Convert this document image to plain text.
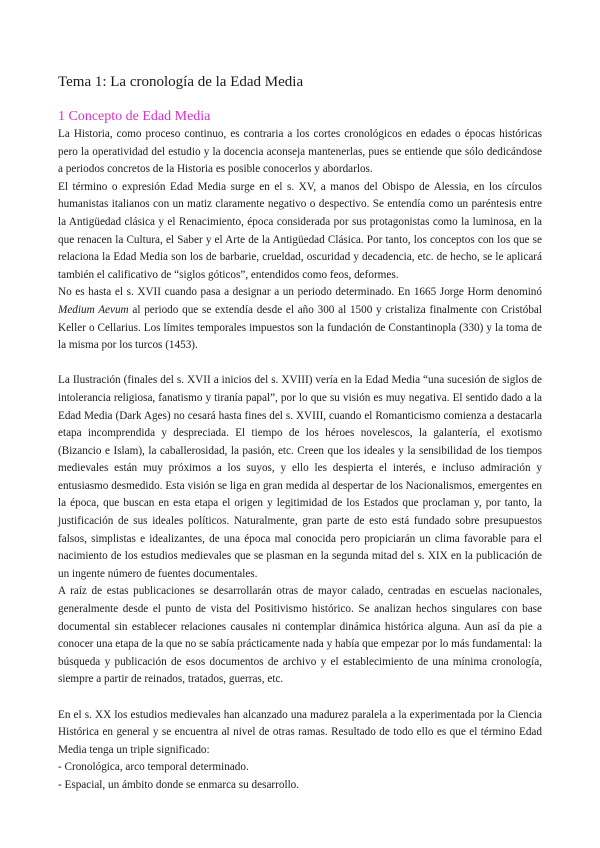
Tema 1: La cronología de la Edad Media
1 Concepto de Edad Media

La Historia, como proceso continuo, es contraria a los cortes cronológicos en edades o épocas históricas pero la operatividad del estudio y la docencia aconseja mantenerlas, pues se entiende que sólo dedicándose a periodos concretos de la Historia es posible conocerlos y abordarlos.

El término o expresión Edad Media surge en el s. XV, a manos del Obispo de Alessia, en los círculos humanistas italianos con un matiz claramente negativo o despectivo. Se entendía como un paréntesis entre la Antigüedad clásica y el Renacimiento, época considerada por sus protagonistas como la luminosa, en la que renacen la Cultura, el Saber y el Arte de la Antigüedad Clásica. Por tanto, los conceptos con los que se relaciona la Edad Media son los de barbarie, crueldad, oscuridad y decadencia, etc. de hecho, se le aplicará también el calificativo de “siglos góticos”, entendidos como feos, deformes.

No es hasta el s. XVII cuando pasa a designar a un periodo determinado. En 1665 Jorge Horm denominó Medium Aevum al periodo que se extendía desde el año 300 al 1500 y cristaliza finalmente con Cristóbal Keller o Cellarius. Los límites temporales impuestos son la fundación de Constantinopla (330) y la toma de la misma por los turcos (1453).

La Ilustración (finales del s. XVII a inicios del s. XVIII) vería en la Edad Media “una sucesión de siglos de intolerancia religiosa, fanatismo y tiranía papal”, por lo que su visión es muy negativa. El sentido dado a la Edad Media (Dark Ages) no cesará hasta fines del s. XVIII, cuando el Romanticismo comienza a destacarla etapa incomprendida y despreciada. El tiempo de los héroes novelescos, la galantería, el exotismo (Bizancio e Islam), la caballerosidad, la pasión, etc. Creen que los ideales y la sensibilidad de los tiempos medievales están muy próximos a los suyos, y ello les despierta el interés, e incluso admiración y entusiasmo desmedido. Esta visión se liga en gran medida al despertar de los Nacionalismos, emergentes en la época, que buscan en esta etapa el origen y legitimidad de los Estados que proclaman y, por tanto, la justificación de sus ideales políticos. Naturalmente, gran parte de esto está fundado sobre presupuestos falsos, simplistas e idealizantes, de una época mal conocida pero propiciarán un clima favorable para el nacimiento de los estudios medievales que se plasman en la segunda mitad del s. XIX en la publicación de un ingente número de fuentes documentales.

A raíz de estas publicaciones se desarrollarán otras de mayor calado, centradas en escuelas nacionales, generalmente desde el punto de vista del Positivismo histórico. Se analizan hechos singulares con base documental sin establecer relaciones causales ni contemplar dinámica histórica alguna. Aun así da pie a conocer una etapa de la que no se sabía prácticamente nada y había que empezar por lo más fundamental: la búsqueda y publicación de esos documentos de archivo y el establecimiento de una mínima cronología, siempre a partir de reinados, tratados, guerras, etc.

En el s. XX los estudios medievales han alcanzado una madurez paralela a la experimentada por la Ciencia Histórica en general y se encuentra al nivel de otras ramas. Resultado de todo ello es que el término Edad Media tenga un triple significado:

- Cronológica, arco temporal determinado.

- Espacial, un ámbito donde se enmarca su desarrollo.
